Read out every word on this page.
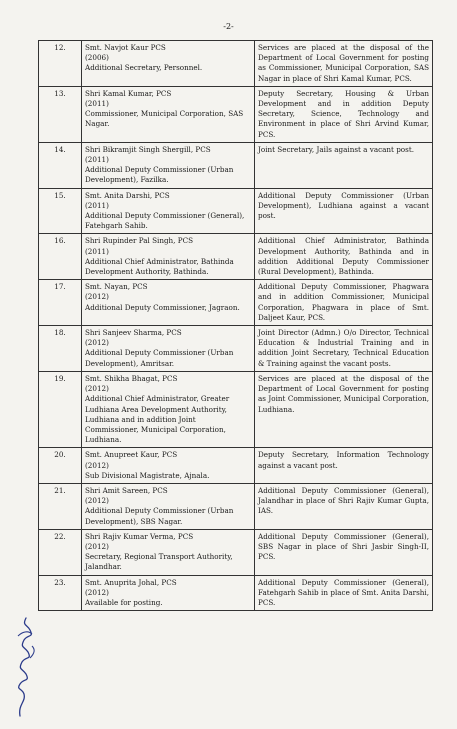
-2-
12.	Smt. Navjot Kaur PCS
(2006)
Additional Secretary, Personnel.	Services are placed at the disposal of the Department of Local Government for posting as Commissioner, Municipal Corporation, SAS Nagar in place of Shri Kamal Kumar, PCS.
13.	Shri Kamal Kumar, PCS
(2011)
Commissioner, Municipal Corporation, SAS Nagar.	Deputy Secretary, Housing & Urban Development and in addition Deputy Secretary, Science, Technology and Environment in place of Shri Arvind Kumar, PCS.
14.	Shri Bikramjit Singh Shergill, PCS
(2011)
Additional Deputy Commissioner (Urban Development), Fazilka.	Joint Secretary, Jails against a vacant post.
15.	Smt. Anita Darshi, PCS
(2011)
Additional Deputy Commissioner (General), Fatehgarh Sahib.	Additional Deputy Commissioner (Urban Development), Ludhiana against a vacant post.
16.	Shri Rupinder Pal Singh, PCS
(2011)
Additional Chief Administrator, Bathinda Development Authority, Bathinda.	Additional Chief Administrator, Bathinda Development Authority, Bathinda and in addition Additional Deputy Commissioner (Rural Development), Bathinda.
17.	Smt. Nayan, PCS
(2012)
Additional Deputy Commissioner, Jagraon.	Additional Deputy Commissioner, Phagwara and in addition Commissioner, Municipal Corporation, Phagwara in place of Smt. Daljeet Kaur, PCS.
18.	Shri Sanjeev Sharma, PCS
(2012)
Additional Deputy Commissioner (Urban Development), Amritsar.	Joint Director (Admn.) O/o Director, Technical Education & Industrial Training and in addition Joint Secretary, Technical Education & Training against the vacant posts.
19.	Smt. Shikha Bhagat, PCS
(2012)
Additional Chief Administrator, Greater Ludhiana Area Development Authority, Ludhiana and in addition Joint Commissioner, Municipal Corporation, Ludhiana.	Services are placed at the disposal of the Department of Local Government for posting as Joint Commissioner, Municipal Corporation, Ludhiana.
20.	Smt. Anupreet Kaur, PCS
(2012)
Sub Divisional Magistrate, Ajnala.	Deputy Secretary, Information Technology against a vacant post.
21.	Shri Amit Sareen, PCS
(2012)
Additional Deputy Commissioner (Urban Development), SBS Nagar.	Additional Deputy Commissioner (General), Jalandhar in place of Shri Rajiv Kumar Gupta, IAS.
22.	Shri Rajiv Kumar Verma, PCS
(2012)
Secretary, Regional Transport Authority, Jalandhar.	Additional Deputy Commissioner (General), SBS Nagar in place of Shri Jasbir Singh-II, PCS.
23.	Smt. Anuprita Johal, PCS
(2012)
Available for posting.	Additional Deputy Commissioner (General), Fatehgarh Sahib in place of Smt. Anita Darshi, PCS.
